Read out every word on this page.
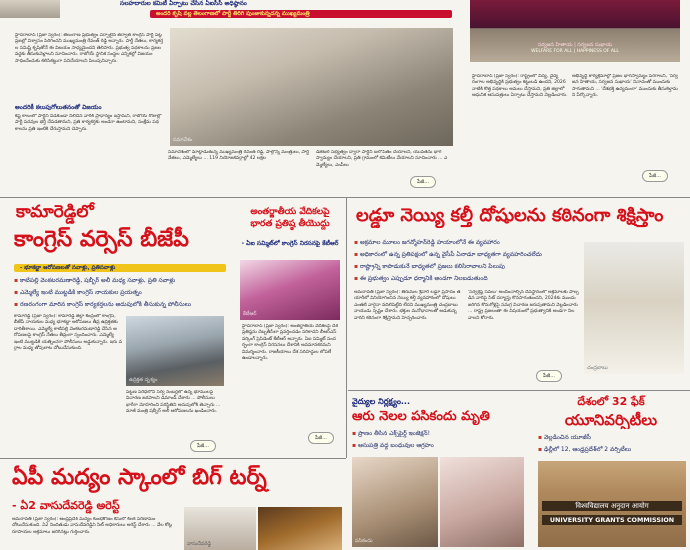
సలహదారుల కమిటీ ఏర్పాటు చేసిన ఏఐసీసీ అధిష్ఠానం
అందరి కృషి వల్ల తెలంగాణలో పార్టీ తిరిగి పుంజుకున్నదన్న ముఖ్యమంత్రి
హైదరాబాద్ (ప్రజా స్వరం): తెలంగాణ ప్రభుత్వం ఏర్పాటైన తర్వాత కాంగ్రెస్ పార్టీ పట్ల ప్రజల్లో విశ్వాసం పెరిగిందని ముఖ్యమంత్రి రేవంత్ రెడ్డి అన్నారు. పార్టీ నేతలు, కార్యకర్తల సమిష్టి కృషితోనే ఈ విజయం సాధ్యమైందని తెలిపారు. ప్రభుత్వ పథకాలను ప్రజల వద్దకు తీసుకువెళ్లాలని సూచించారు. రాబోయే స్థానిక సంస్థల ఎన్నికల్లో విజయం సాధించేందుకు కలిసికట్టుగా పనిచేయాలని పిలుపునిచ్చారు.
అందరికీ కలుపుగోలుతనంతో విజయం
కష్ట కాలంలో పార్టీని వీడకుండా నిలిచిన వారికి ప్రాధాన్యం ఇస్తామని, రాబోయే రోజుల్లో పార్టీ పదవుల భర్తీ చేపడతామని, ప్రతి కార్యకర్తకు అండగా ఉంటామని, సంక్షేమ పథకాలను ప్రతి ఇంటికి చేరుస్తామని చెప్పారు.
సమావేశం
సమావేశంలో మాట్లాడుతున్న ముఖ్యమంత్రి రేవంత్ రెడ్డి, పాల్గొన్న మంత్రులు, పార్టీ నేతలు, ఎమ్మెల్యేలు ... 119 నియోజకవర్గాల్లో 42 లక్షల
డిజిటల్ సభ్యత్వం ద్వారా పార్టీని బలోపేతం చేయాలని, యువతను భాగస్వామ్యం చేయాలని, ప్రతి గ్రామంలో కమిటీలు వేయాలని సూచించారు ... ఎమ్మెల్యేలు, ఎంపీలు
పేజీ...
సర్వజన హితాయ | సర్వజన సుఖాయ
WELFARE FOR ALL | HAPPINESS OF ALL
హైదరాబాద్ (ప్రజా స్వరం): రాష్ట్రంలో విద్య, వైద్య రంగాల అభివృద్ధికి ప్రభుత్వం కట్టుబడి ఉందని, 2026 నాటికి కొత్త పథకాలు అమలు చేస్తామని, ప్రతి జిల్లాలో ఆధునిక ఆసుపత్రులు ఏర్పాటు చేస్తామని వెల్లడించారు.
అభివృద్ధి కార్యక్రమాల్లో ప్రజల భాగస్వామ్యం పెరగాలని, 'సర్వజన హితాయ, సర్వజన సుఖాయ' నినాదంతో ముందుకు సాగుతామని ... 'దేశభక్తి ఉద్యమంగా' ముందుకు తీసుకెళ్తామని పేర్కొన్నారు.
పేజీ...
కామారెడ్డిలో
కాంగ్రెస్ వర్సెస్ బీజేపీ
- భూకబ్జా ఆరోపణలతో సవాళ్లు, ప్రతిసవాళ్లు
▪ కాటిపల్లి వెంకటరమణారెడ్డి, షబ్బీర్ అలీ మధ్య సవాళ్లు, ప్రతి సవాళ్లు
▪ ఎమ్మెల్యే ఇంటి ముట్టడికి కాంగ్రెస్ నాయకుల ప్రయత్నం
▪ రణరంగంగా మారిన కాంగ్రెస్ కార్యకర్తలను అదుపులోకి తీసుకున్న పోలీసులు
కామారెడ్డి (ప్రజా స్వరం): కామారెడ్డి జిల్లా కేంద్రంలో కాంగ్రెస్, బీజేపీ నాయకుల మధ్య భూకబ్జా ఆరోపణలు తీవ్ర ఉద్రిక్తతకు దారితీశాయి. ఎమ్మెల్యే కాటిపల్లి వెంకటరమణారెడ్డి చేసిన ఆరోపణలపై కాంగ్రెస్ నేతలు తీవ్రంగా స్పందించారు. ఎమ్మెల్యే ఇంటి ముట్టడికి యత్నించగా పోలీసులు అడ్డుకున్నారు. ఇరు వర్గాల మధ్య తోపులాట చోటుచేసుకుంది.
ఉద్రిక్తత దృశ్యం
పట్టణ పరిధిలోని సర్వే నంబర్లలో ఉన్న భూములపై విచారణ జరపాలని డిమాండ్ చేశారు ... పోలీసులు భారీగా మోహరించి పరిస్థితిని అదుపులోకి తెచ్చారు ... మాజీ మంత్రి షబ్బీర్ అలీ ఆరోపణలను ఖండించారు.
పేజీ...
అంతర్జాతీయ వేదికలపై భారత ప్రతిష్ఠ తీయొద్దు
- ఏఐ సమ్మిట్‌లో కాంగ్రెస్ నిరసనపై కేటీఆర్
కేటీఆర్
హైదరాబాద్ (ప్రజా స్వరం): అంతర్జాతీయ వేదికలపై దేశ ప్రతిష్ఠను దెబ్బతీసేలా ప్రవర్తించడం సరికాదని బీఆర్ఎస్ వర్కింగ్ ప్రెసిడెంట్ కేటీఆర్ అన్నారు. ఏఐ సమ్మిట్ సందర్భంగా కాంగ్రెస్ నిరసనలు దేశానికి అవమానకరమని విమర్శించారు. రాజకీయాలు దేశ సరిహద్దుల లోపలే ఉండాలన్నారు.
పేజీ...
లడ్డూ నెయ్యి కల్తీ దోషులను కఠినంగా శిక్షిస్తాం
▪ అక్రమాల మూలం జగన్మోహన్‌రెడ్డి హయాంలోనే ఈ వ్యవహారం
▪ అధికారంలో ఉన్న ప్రతిపక్షంలో ఉన్న వైసీపీ ఏనాడూ బాధ్యతగా వ్యవహరించలేదు
▪ రాష్ట్రాన్ని కాపాడుకునే బాధ్యతలో ప్రజలు కలిసిరావాలని పిలుపు
▪ ఈ ప్రభుత్వం ఎప్పుడూ ధర్మానికి అండగా నిలబడుతుంది
అమరావతి (ప్రజా స్వరం): తిరుమల శ్రీవారి లడ్డూ ప్రసాదం తయారీలో వినియోగించిన నెయ్యి కల్తీ వ్యవహారంలో దోషులు ఎంతటి వారైనా వదిలిపెట్టేది లేదని ముఖ్యమంత్రి చంద్రబాబు నాయుడు స్పష్టం చేశారు. భక్తుల మనోభావాలతో ఆడుకున్న వారిని కఠినంగా శిక్షిస్తామని హెచ్చరించారు.
'సర్వశ్రేష్ఠ సేవలు' అందించాల్సిన దేవస్థానంలో అక్రమాలకు పాల్పడిన వారిపై సిట్ దర్యాప్తు కొనసాగుతుందని, 2024కు ముందు జరిగిన కొనుగోళ్లపై సమగ్ర విచారణ జరుపుతామని వెల్లడించారు ... రాష్ట్ర ప్రజలంతా ఈ విషయంలో ప్రభుత్వానికి అండగా నిలవాలని కోరారు.
చంద్రబాబు
పేజీ...
వైద్యుల నిర్లక్ష్యం...
ఆరు నెలల పసికందు మృతి
▪ ప్రాణం తీసిన ఎక్స్‌పైర్డ్ ఇంజెక్షన్!
▪ ఆసుపత్రి వద్ద బంధువుల ఆగ్రహం
పసికందు
దేశంలో 32 ఫేక్
యూనివర్సిటీలు
▪ వెల్లడించిన యూజీసీ
▪ ఢిల్లీలో 12, ఆంధ్రప్రదేశ్‌లో 2 వర్సిటీలు
विश्वविद्यालय अनुदान आयोग
UNIVERSITY GRANTS COMMISSION
ఏపీ మద్యం స్కాంలో బిగ్ టర్న్
- ఏ2 వాసుదేవరెడ్డి అరెస్ట్
అమరావతి (ప్రజా స్వరం): ఆంధ్రప్రదేశ్ మద్యం కుంభకోణం కేసులో కీలక పరిణామం చోటుచేసుకుంది. ఏ2 నిందితుడు వాసుదేవరెడ్డిని సిట్ అధికారులు అరెస్ట్ చేశారు ... వేల కోట్ల రూపాయల అక్రమాలు జరిగినట్లు గుర్తించారు.
వాసుదేవరెడ్డి
